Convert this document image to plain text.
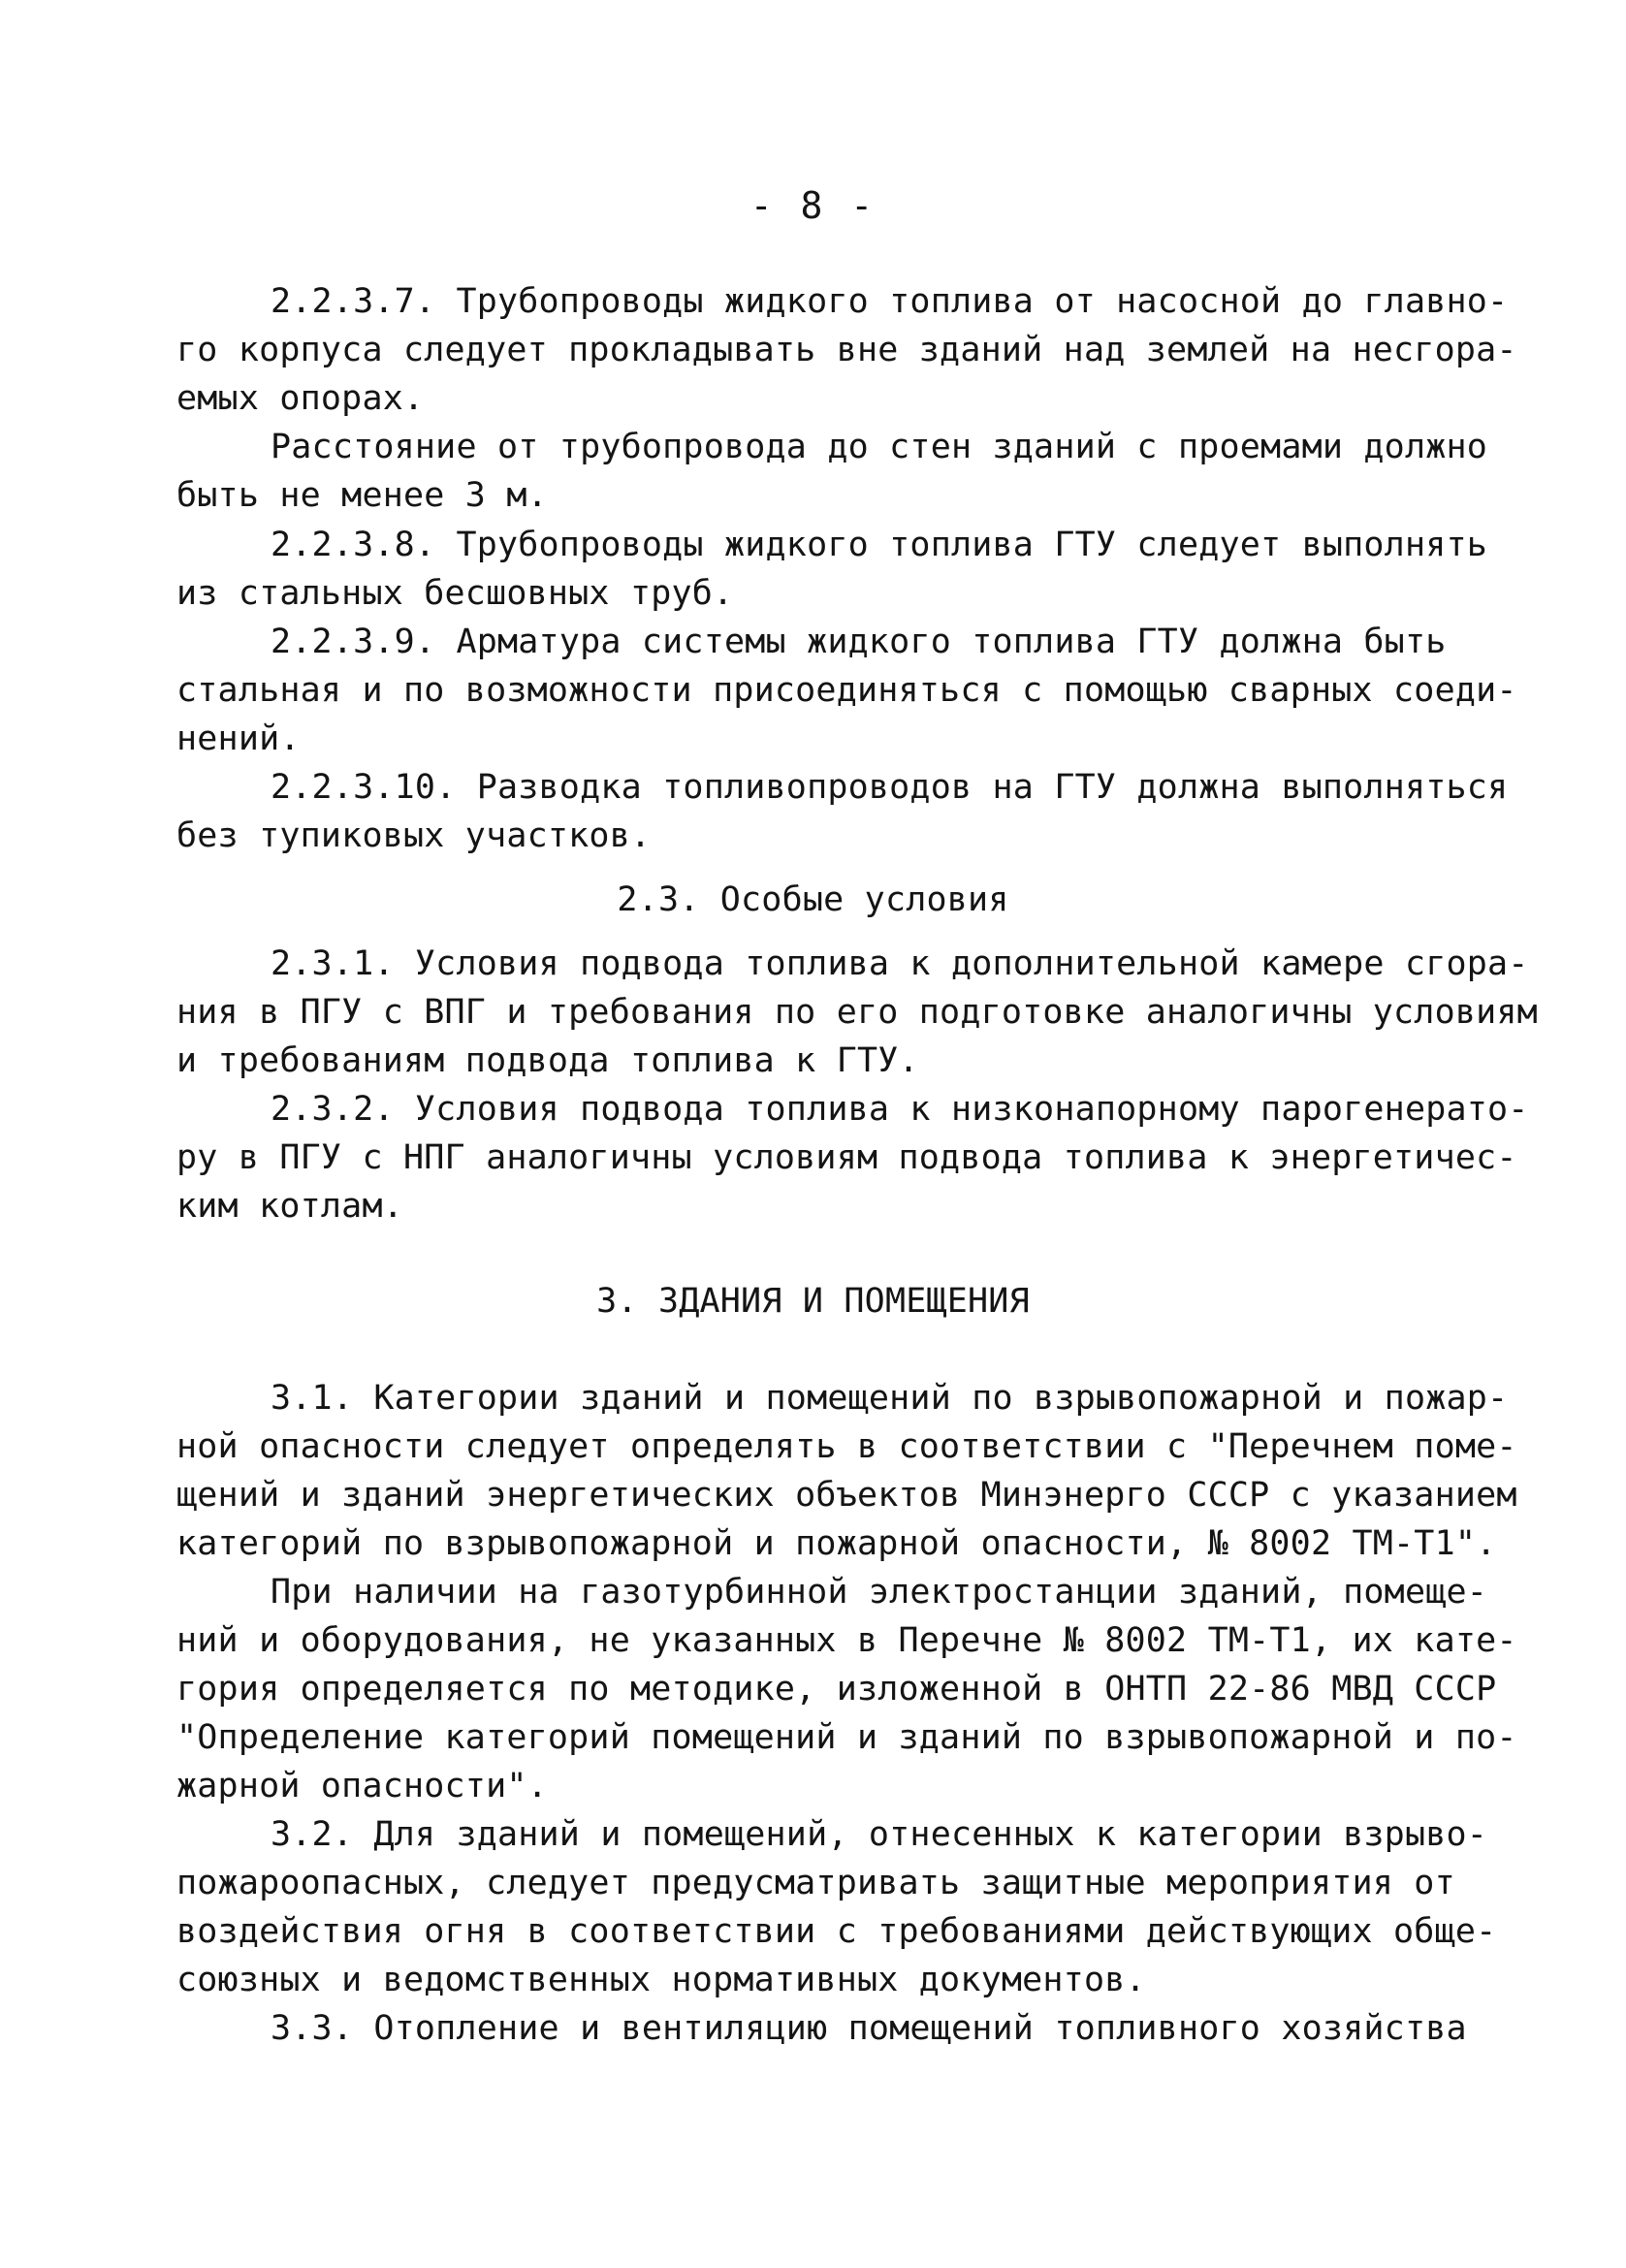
- 8 -
2.2.3.7. Трубопроводы жидкого топлива от насосной до главно-
го корпуса следует прокладывать вне зданий над землей на несгора-
емых опорах.
Расстояние от трубопровода до стен зданий с проемами должно
быть не менее 3 м.
2.2.3.8. Трубопроводы жидкого топлива ГТУ следует выполнять
из стальных бесшовных труб.
2.2.3.9. Арматура системы жидкого топлива ГТУ должна быть
стальная и по возможности присоединяться с помощью сварных соеди-
нений.
2.2.3.10. Разводка топливопроводов на ГТУ должна выполняться
без тупиковых участков.
2.3. Особые условия
2.3.1. Условия подвода топлива к дополнительной камере сгора-
ния в ПГУ с ВПГ и требования по его подготовке аналогичны условиям
и требованиям подвода топлива к ГТУ.
2.3.2. Условия подвода топлива к низконапорному парогенерато-
ру в ПГУ с НПГ аналогичны условиям подвода топлива к энергетичес-
ким котлам.
3. ЗДАНИЯ И ПОМЕЩЕНИЯ
3.1. Категории зданий и помещений по взрывопожарной и пожар-
ной опасности следует определять в соответствии с "Перечнем поме-
щений и зданий энергетических объектов Минэнерго СССР с указанием
категорий по взрывопожарной и пожарной опасности, № 8002 ТМ-Т1".
При наличии на газотурбинной электростанции зданий, помеще-
ний и оборудования, не указанных в Перечне № 8002 ТМ-Т1, их кате-
гория определяется по методике, изложенной в ОНТП 22-86 МВД СССР
"Определение категорий помещений и зданий по взрывопожарной и по-
жарной опасности".
3.2. Для зданий и помещений, отнесенных к категории взрыво-
пожароопасных, следует предусматривать защитные мероприятия от
воздействия огня в соответствии с требованиями действующих обще-
союзных и ведомственных нормативных документов.
3.3. Отопление и вентиляцию помещений топливного хозяйства
